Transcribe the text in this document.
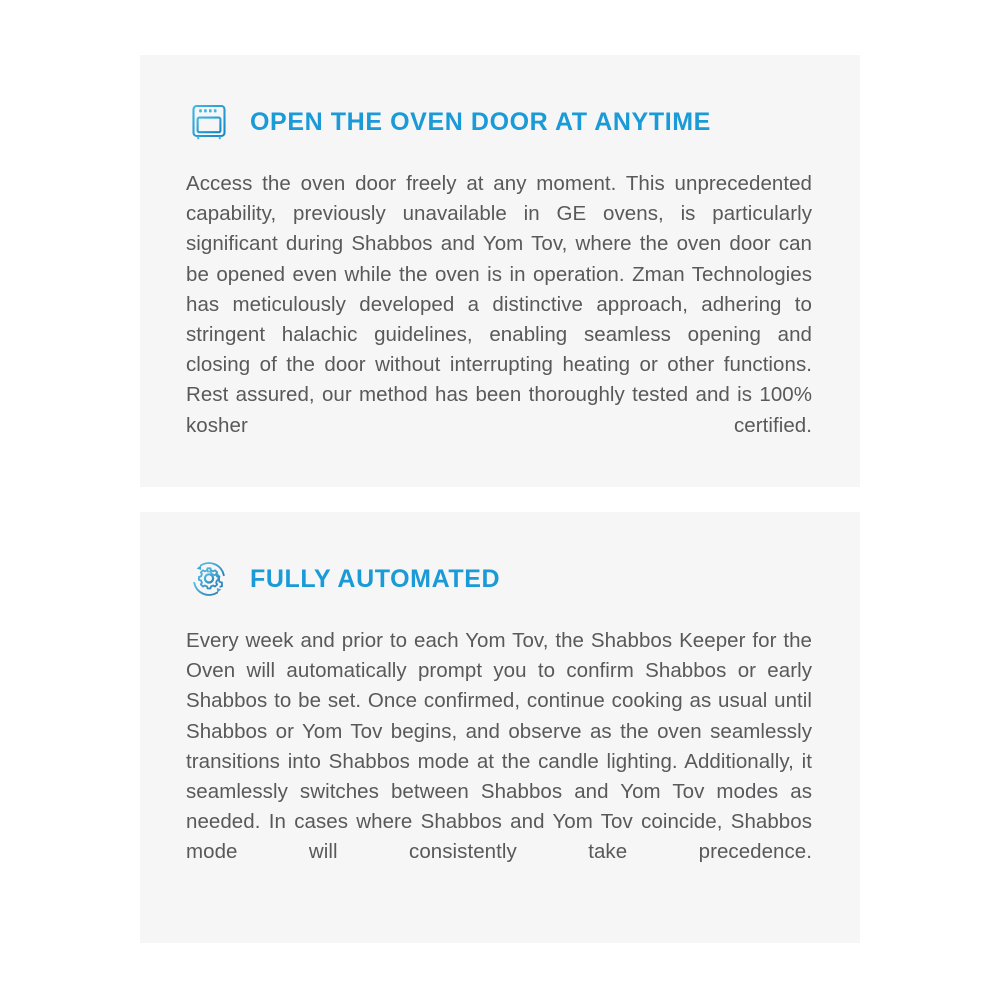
OPEN THE OVEN DOOR AT ANYTIME

Access the oven door freely at any moment. This unprecedented capability, previously unavailable in GE ovens, is particularly significant during Shabbos and Yom Tov, where the oven door can be opened even while the oven is in operation. Zman Technologies has meticulously developed a distinctive approach, adhering to stringent halachic guidelines, enabling seamless opening and closing of the door without interrupting heating or other functions. Rest assured, our method has been thoroughly tested and is 100% kosher certified.

FULLY AUTOMATED

Every week and prior to each Yom Tov, the Shabbos Keeper for the Oven will automatically prompt you to confirm Shabbos or early Shabbos to be set. Once confirmed, continue cooking as usual until Shabbos or Yom Tov begins, and observe as the oven seamlessly transitions into Shabbos mode at the candle lighting. Additionally, it seamlessly switches between Shabbos and Yom Tov modes as needed. In cases where Shabbos and Yom Tov coincide, Shabbos mode will consistently take precedence.
